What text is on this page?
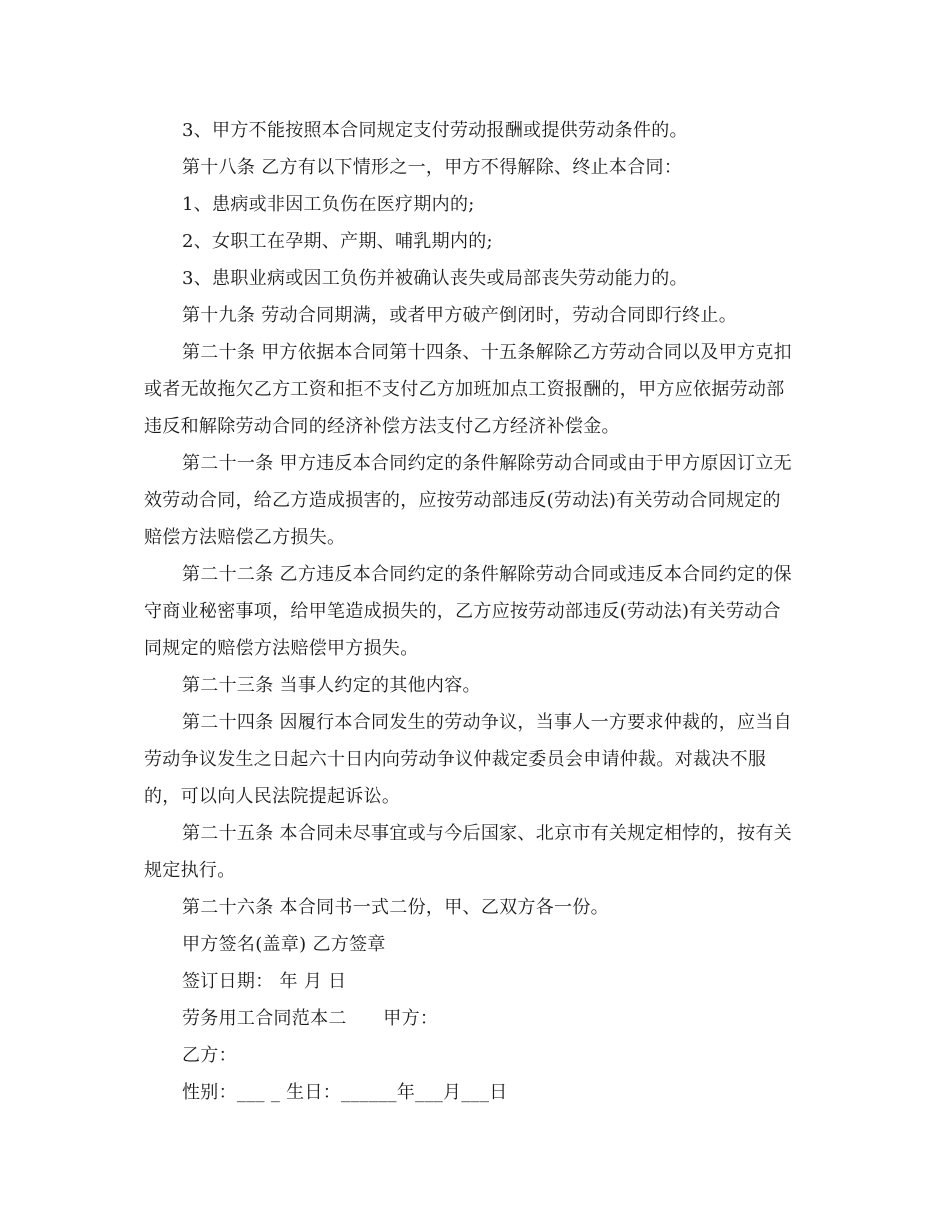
3、甲方不能按照本合同规定支付劳动报酬或提供劳动条件的。
第十八条 乙方有以下情形之一，甲方不得解除、终止本合同：
1、患病或非因工负伤在医疗期内的;
2、女职工在孕期、产期、哺乳期内的;
3、患职业病或因工负伤并被确认丧失或局部丧失劳动能力的。
第十九条 劳动合同期满，或者甲方破产倒闭时，劳动合同即行终止。
第二十条 甲方依据本合同第十四条、十五条解除乙方劳动合同以及甲方克扣
或者无故拖欠乙方工资和拒不支付乙方加班加点工资报酬的，甲方应依据劳动部
违反和解除劳动合同的经济补偿方法支付乙方经济补偿金。
第二十一条 甲方违反本合同约定的条件解除劳动合同或由于甲方原因订立无
效劳动合同，给乙方造成损害的，应按劳动部违反(劳动法)有关劳动合同规定的
赔偿方法赔偿乙方损失。
第二十二条 乙方违反本合同约定的条件解除劳动合同或违反本合同约定的保
守商业秘密事项，给甲笔造成损失的，乙方应按劳动部违反(劳动法)有关劳动合
同规定的赔偿方法赔偿甲方损失。
第二十三条 当事人约定的其他内容。
第二十四条 因履行本合同发生的劳动争议，当事人一方要求仲裁的，应当自
劳动争议发生之日起六十日内向劳动争议仲裁定委员会申请仲裁。对裁决不服
的，可以向人民法院提起诉讼。
第二十五条 本合同未尽事宜或与今后国家、北京市有关规定相悖的，按有关
规定执行。
第二十六条 本合同书一式二份，甲、乙双方各一份。
甲方签名(盖章) 乙方签章
签订日期： 年 月 日
劳务用工合同范本二　　甲方：
乙方：
性别：___ _ 生日：______年___月___日
